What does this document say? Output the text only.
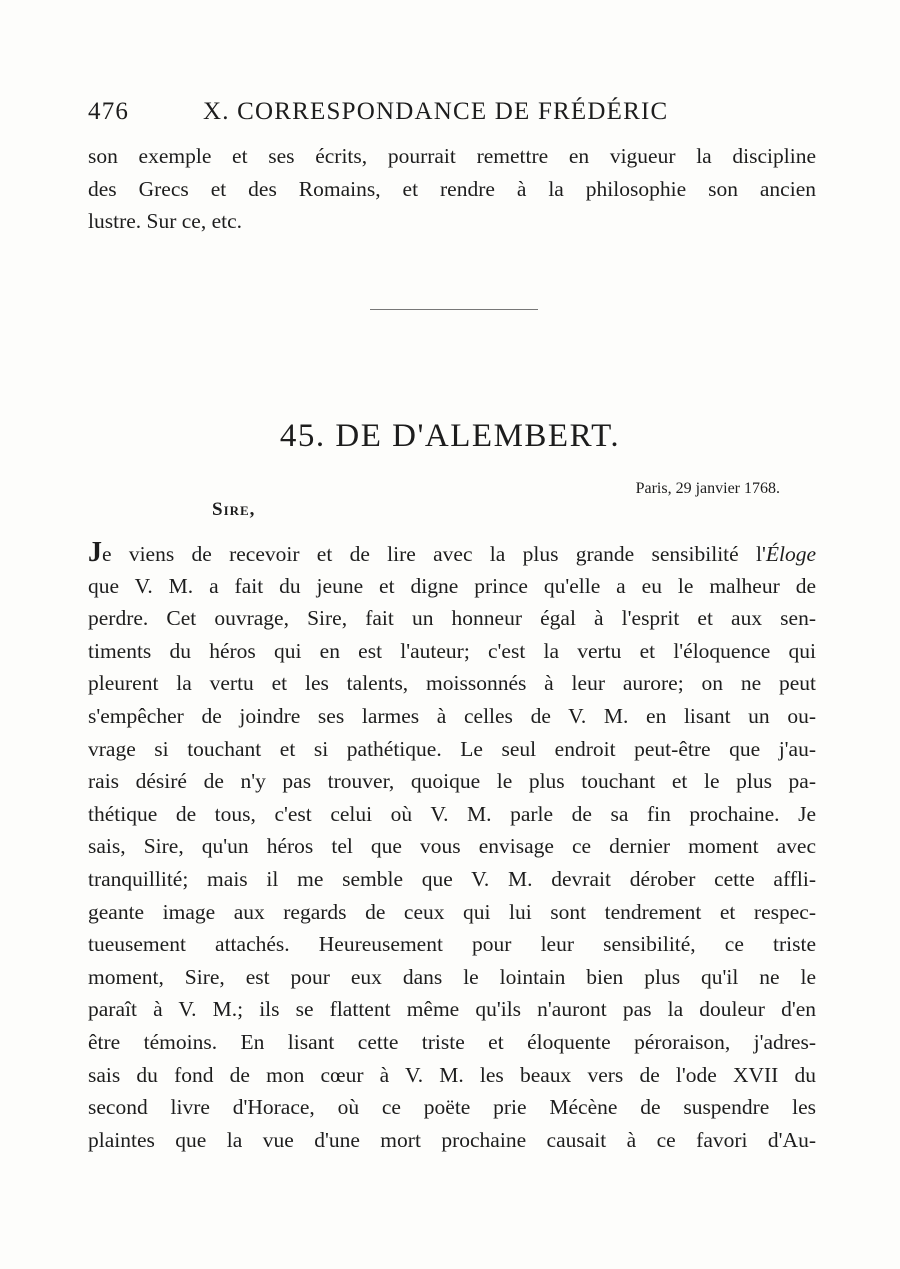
476	X. CORRESPONDANCE DE FRÉDÉRIC
son exemple et ses écrits, pourrait remettre en vigueur la discipline
des Grecs et des Romains, et rendre à la philosophie son ancien
lustre. Sur ce, etc.
45. DE D'ALEMBERT.
Paris, 29 janvier 1768.
Sire,
Je viens de recevoir et de lire avec la plus grande sensibilité l'Éloge
que V. M. a fait du jeune et digne prince qu'elle a eu le malheur de
perdre. Cet ouvrage, Sire, fait un honneur égal à l'esprit et aux sen-
timents du héros qui en est l'auteur; c'est la vertu et l'éloquence qui
pleurent la vertu et les talents, moissonnés à leur aurore; on ne peut
s'empêcher de joindre ses larmes à celles de V. M. en lisant un ou-
vrage si touchant et si pathétique. Le seul endroit peut-être que j'au-
rais désiré de n'y pas trouver, quoique le plus touchant et le plus pa-
thétique de tous, c'est celui où V. M. parle de sa fin prochaine. Je
sais, Sire, qu'un héros tel que vous envisage ce dernier moment avec
tranquillité; mais il me semble que V. M. devrait dérober cette affli-
geante image aux regards de ceux qui lui sont tendrement et respec-
tueusement attachés. Heureusement pour leur sensibilité, ce triste
moment, Sire, est pour eux dans le lointain bien plus qu'il ne le
paraît à V. M.; ils se flattent même qu'ils n'auront pas la douleur d'en
être témoins. En lisant cette triste et éloquente péroraison, j'adres-
sais du fond de mon cœur à V. M. les beaux vers de l'ode XVII du
second livre d'Horace, où ce poëte prie Mécène de suspendre les
plaintes que la vue d'une mort prochaine causait à ce favori d'Au-
